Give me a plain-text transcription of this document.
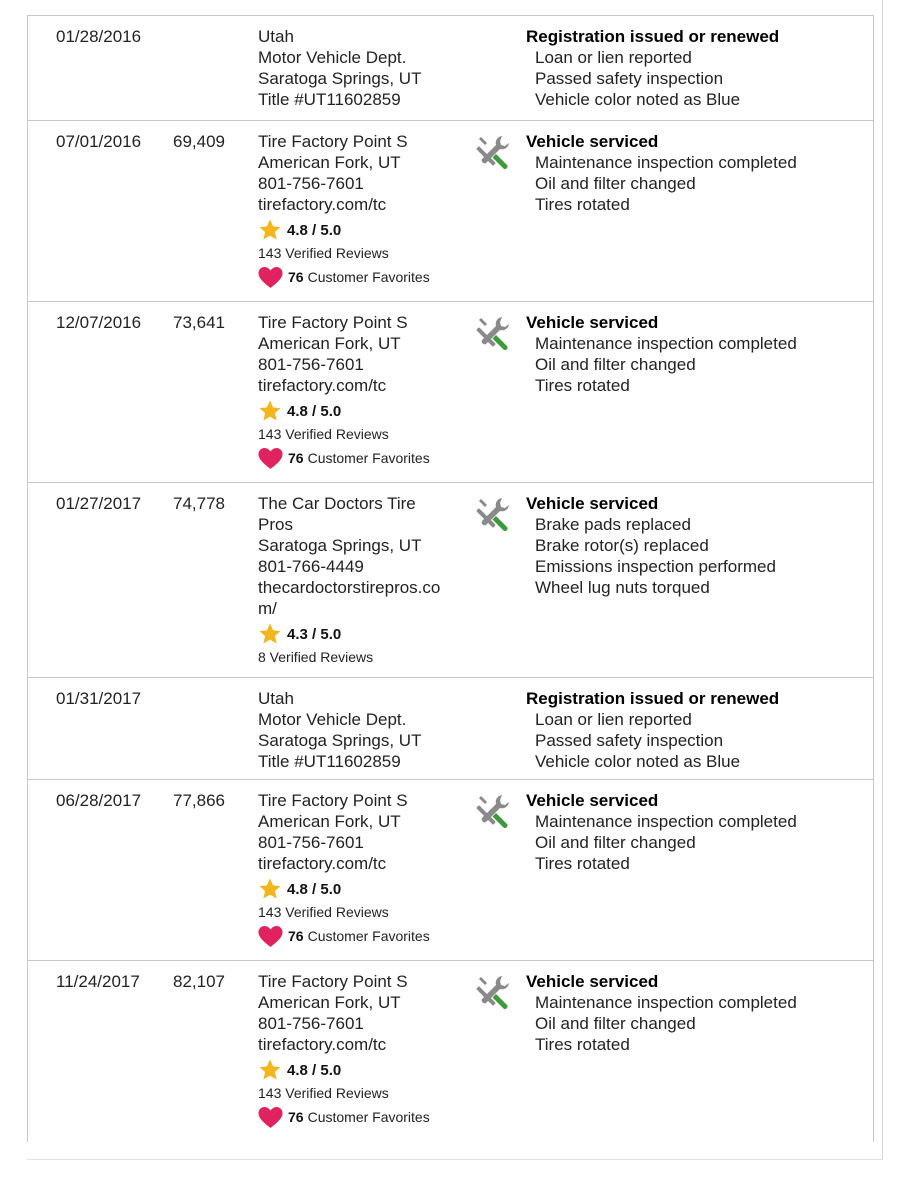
01/28/2016	Utah
Motor Vehicle Dept.
Saratoga Springs, UT
Title #UT11602859
Registration issued or renewed
Loan or lien reported
Passed safety inspection
Vehicle color noted as Blue
07/01/2016 69,409 Tire Factory Point S
American Fork, UT
801-756-7601
tirefactory.com/tc
4.8 / 5.0
143 Verified Reviews
76 Customer Favorites
Vehicle serviced
Maintenance inspection completed
Oil and filter changed
Tires rotated
12/07/2016 73,641 Tire Factory Point S
American Fork, UT
801-756-7601
tirefactory.com/tc
4.8 / 5.0
143 Verified Reviews
76 Customer Favorites
Vehicle serviced
Maintenance inspection completed
Oil and filter changed
Tires rotated
01/27/2017 74,778 The Car Doctors Tire
Pros
Saratoga Springs, UT
801-766-4449
thecardoctorstirepros.co
m/
4.3 / 5.0
8 Verified Reviews
Vehicle serviced
Brake pads replaced
Brake rotor(s) replaced
Emissions inspection performed
Wheel lug nuts torqued
01/31/2017	Utah
Motor Vehicle Dept.
Saratoga Springs, UT
Title #UT11602859
Registration issued or renewed
Loan or lien reported
Passed safety inspection
Vehicle color noted as Blue
06/28/2017 77,866 Tire Factory Point S
American Fork, UT
801-756-7601
tirefactory.com/tc
4.8 / 5.0
143 Verified Reviews
76 Customer Favorites
Vehicle serviced
Maintenance inspection completed
Oil and filter changed
Tires rotated
11/24/2017 82,107 Tire Factory Point S
American Fork, UT
801-756-7601
tirefactory.com/tc
4.8 / 5.0
143 Verified Reviews
76 Customer Favorites
Vehicle serviced
Maintenance inspection completed
Oil and filter changed
Tires rotated
